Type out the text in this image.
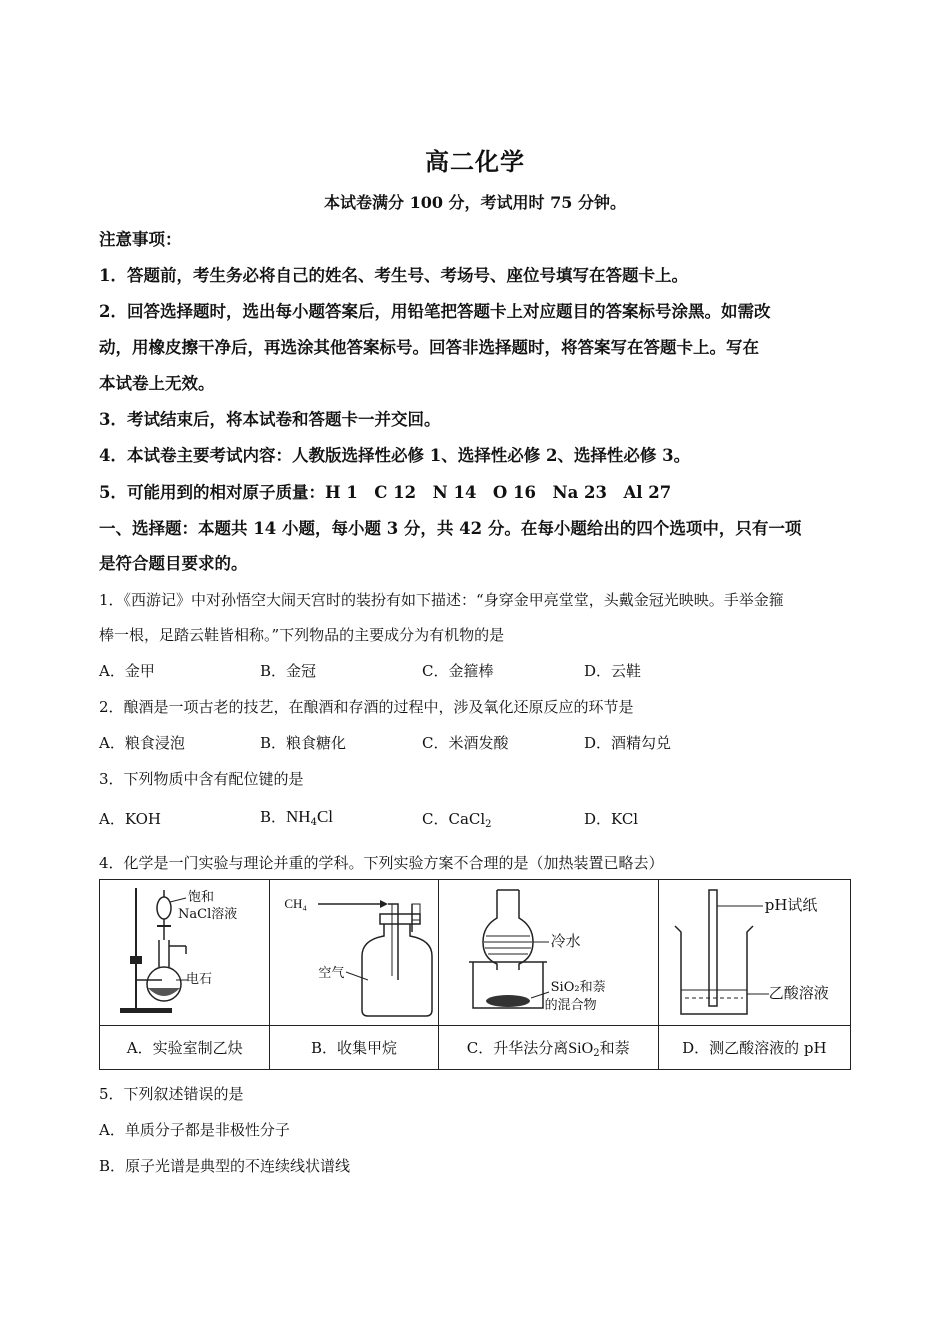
高二化学
本试卷满分 100 分，考试用时 75 分钟。
注意事项：
1．答题前，考生务必将自己的姓名、考生号、考场号、座位号填写在答题卡上。
2．回答选择题时，选出每小题答案后，用铅笔把答题卡上对应题目的答案标号涂黑。如需改
动，用橡皮擦干净后，再选涂其他答案标号。回答非选择题时，将答案写在答题卡上。写在
本试卷上无效。
3．考试结束后，将本试卷和答题卡一并交回。
4．本试卷主要考试内容：人教版选择性必修 1、选择性必修 2、选择性必修 3。
5．可能用到的相对原子质量：H 1　C 12　N 14　O 16　Na 23　Al 27
一、选择题：本题共 14 小题，每小题 3 分，共 42 分。在每小题给出的四个选项中，只有一项
是符合题目要求的。
1．《西游记》中对孙悟空大闹天宫时的装扮有如下描述：“身穿金甲亮堂堂，头戴金冠光映映。手举金箍
棒一根，足踏云鞋皆相称。”下列物品的主要成分为有机物的是
A．金甲	B．金冠	C．金箍棒	D．云鞋
2．酿酒是一项古老的技艺，在酿酒和存酒的过程中，涉及氧化还原反应的环节是
A．粮食浸泡	B．粮食糖化	C．米酒发酸	D．酒精勾兑
3．下列物质中含有配位键的是
A．KOH	B．$NH_4Cl$	C．CaCl$_2$	D．KCl
4．化学是一门实验与理论并重的学科。下列实验方案不合理的是（加热装置已略去）
饱和
NaCl溶液
电石	CH₄
空气	冷水
SiO₂和萘
的混合物	pH试纸
乙酸溶液

A．实验室制乙炔	B．收集甲烷	C．升华法分离SiO$_2$和萘	D．测乙酸溶液的 pH
5．下列叙述错误的是
A．单质分子都是非极性分子
B．原子光谱是典型的不连续线状谱线
